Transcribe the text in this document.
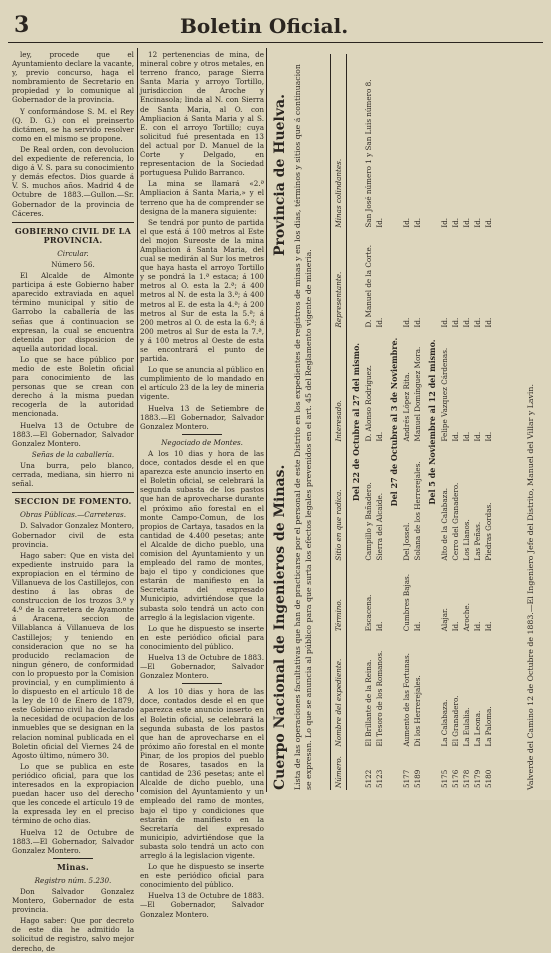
3	Boletin Oficial.

ley, procede que el Ayuntamiento declare la vacante, y, previo concurso, haga el nombramiento de Secretario en propiedad y lo comunique al Gobernador de la provincia.

Y conformándose S. M. el Rey (Q. D. G.) con el preinserto dictámen, se ha servido resolver como en el mismo se propone.

De Real orden, con devolucion del expediente de referencia, lo digo á V. S. para su conocimiento y demás efectos. Dios guarde á V. S. muchos años. Madrid 4 de Octubre de 1883.—Gullon.—Sr. Gobernador de la provincia de Cáceres.

GOBIERNO CIVIL DE LA PROVINCIA.

Circular.

Número 56.

El Alcalde de Almonte participa á este Gobierno haber aparecido extraviada en aquel término municipal y sitio de Garrobo la caballería de las señas que á continuacion se expresan, la cual se encuentra detenida por disposicion de aquella autoridad local.

Lo que se hace público por medio de este Boletin oficial para conocimiento de las personas que se crean con derecho á la misma puedan recogerla de la autoridad mencionada.

Huelva 13 de Octubre de 1883.—El Gobernador, Salvador Gonzalez Montero.

Señas de la caballería.

Una burra, pelo blanco, cerrada, mediana, sin hierro ni señal.

SECCION DE FOMENTO.

Obras Públicas.—Carreteras.

D. Salvador Gonzalez Montero, Gobernador civil de esta provincia.

Hago saber: Que en vista del expediente instruido para la expropiacion en el término de Villanueva de los Castillejos, con destino á las obras de construccion de los trozos 3.º y 4.º de la carretera de Ayamonte á Aracena, seccion de Villablanca á Villanueva de los Castillejos; y teniendo en consideracion que no se ha producido reclamacion de ningun género, de conformidad con lo propuesto por la Comision provincial, y en cumplimiento á lo dispuesto en el artículo 18 de la ley de 10 de Enero de 1879, este Gobierno civil ha declarado la necesidad de ocupacion de los inmuebles que se designan en la relacion nominal publicada en el Boletin oficial del Viernes 24 de Agosto último, número 30.

Lo que se publica en este periódico oficial, para que los interesados en la expropiacion puedan hacer uso del derecho que les concede el artículo 19 de la expresada ley en el preciso término de ocho dias.

Huelva 12 de Octubre de 1883.—El Gobernador, Salvador Gonzalez Montero.

Minas.

Registro núm. 5.230.

Don Salvador Gonzalez Montero, Gobernador de esta provincia.

Hago saber: Que por decreto de este dia he admitido la solicitud de registro, salvo mejor derecho, de

12 pertenencias de mina, de mineral cobre y otros metales, en terreno franco, parage Sierra Santa Maria y arroyo Tortillo, jurisdiccion de Aroche y Encinasola; linda al N. con Sierra de Santa Maria, al O. con Ampliacion á Santa Maria y al S. E. con el arroyo Tortillo; cuya solicitud fué presentada en 13 del actual por D. Manuel de la Corte y Delgado, en representacion de la Sociedad portuguesa Pulido Barranco.

La mina se llamará «2.ª Ampliacion á Santa Maria,» y el terreno que ha de comprender se designa de la manera siguiente:

Se tendrá por punto de partida el que está á 100 metros al Este del mojon Sureoste de la mina Ampliacion á Santa Maria, del cual se medirán al Sur los metros que haya hasta el arroyo Tortillo y se pondrá la 1.ª estaca; á 100 metros al O. esta la 2.ª; á 400 metros al N. de esta la 3.ª; á 400 metros al E. de esta la 4.ª; á 200 metros al Sur de esta la 5.ª; á 200 metros al O. de esta la 6.ª; á 200 metros al Sur de esta la 7.ª, y á 100 metros al Oeste de esta se encontrará el punto de partida.

Lo que se anuncia al público en cumplimiento de lo mandado en el artículo 23 de la ley de mineria vigente.

Huelva 13 de Setiembre de 1883.—El Gobernador, Salvador Gonzalez Montero.

Negociado de Montes.

A los 10 dias y hora de las doce, contados desde el en que aparezca este anuncio inserto en el Boletin oficial, se celebrará la segunda subasta de los pastos que han de aprovecharse durante el próximo año forestal en el monte Campo-Comun, de los propios de Cartaya, tasados en la cantidad de 4.400 pesetas; ante el Alcalde de dicho pueblo, una comision del Ayuntamiento y un empleado del ramo de montes, bajo el tipo y condiciones que estarán de manifiesto en la Secretaria del expresado Municipio, advirtiéndose que la subasta solo tendrá un acto con arreglo á la legislacion vigente.

Lo que he dispuesto se inserte en este periódico oficial para conocimiento del público.

Huelva 13 de Octubre de 1883.—El Gobernador, Salvador Gonzalez Montero.

A los 10 dias y hora de las doce, contados desde el en que aparezca este anuncio inserto en el Boletin oficial, se celebrará la segunda subasta de los pastos que han de aprovecharse en el próximo año forestal en el monte Pinar, de los propios del pueblo de Rosares, tasados en la cantidad de 236 pesetas; ante el Alcalde de dicho pueblo, una comision del Ayuntamiento y un empleado del ramo de montes, bajo el tipo y condiciones que estarán de manifiesto en la Secretaría del expresado municipio, advirtiéndose que la subasta solo tendrá un acto con arreglo á la legislacion vigente.

Lo que he dispuesto se inserte en este periódico oficial para conocimiento del público.

Huelva 13 de Octubre de 1883.—El Gobernador, Salvador Gonzalez Montero.

Cuerpo Nacional de Ingenieros de Minas.
Provincia de Huelva. Lista de las operaciones facultativas que han de practicarse por el personal de este Distrito en los expedientes de registros de minas y en los dias, términos y sitios que á continuacion se expresan. Lo que se anuncia al público para que surta los efectos legales prevenidos en el art. 45 del Reglamento vigente de mineria.	Número.	Nombre del expediente.	Término.	Sitio en que radica.	Interesado.	Representante.	Minas colindantes.
Del 22 de Octubre al 27 del mismo.						
5122	El Brillante de la Reina.	Escacena.	Campillo y Bañadero.	D. Alonso Rodriguez.	D. Manuel de la Corte.	San José número 1 y San Luis número 8.
5123	El Tesoro de los Romanos.	Id.	Sierra del Alcaide.	Id.	Id.	Id.
Del 27 de Octubre al 3 de Noviembre.						
5177	Aumento de las Fortunas.	Cumbres Bajas.	Del Jossel.	Andrés López Rita.	Id.	Id.
5189	Di los Herrerejales.	Id.	Solana de los Herrerejales.	Manuel Domínguez Mora.	Id.	Id.
Del 5 de Noviembre al 12 del mismo.						
5175	La Calabaza.	Alajar.	Alto de la Calabaza.	Felipe Vazquez Cárdenas.	Id.	Id.
5176	El Granadero.	Id.	Cerro del Granadero.	Id.	Id.	Id.
5178	La Eulalia.	Aroche.	Los Llanos.	Id.	Id.	Id.
5179	La Leona.	Id.	Las Peñas.	Id.	Id.	Id.
5180	La Paloma.	Id.	Piedras Gordas.	Id.	Id.	Id.
Valverde del Camino 12 de Octubre de 1883.—El Ingeniero Jefe del Distrito, Manuel del Villar y Lavin.
